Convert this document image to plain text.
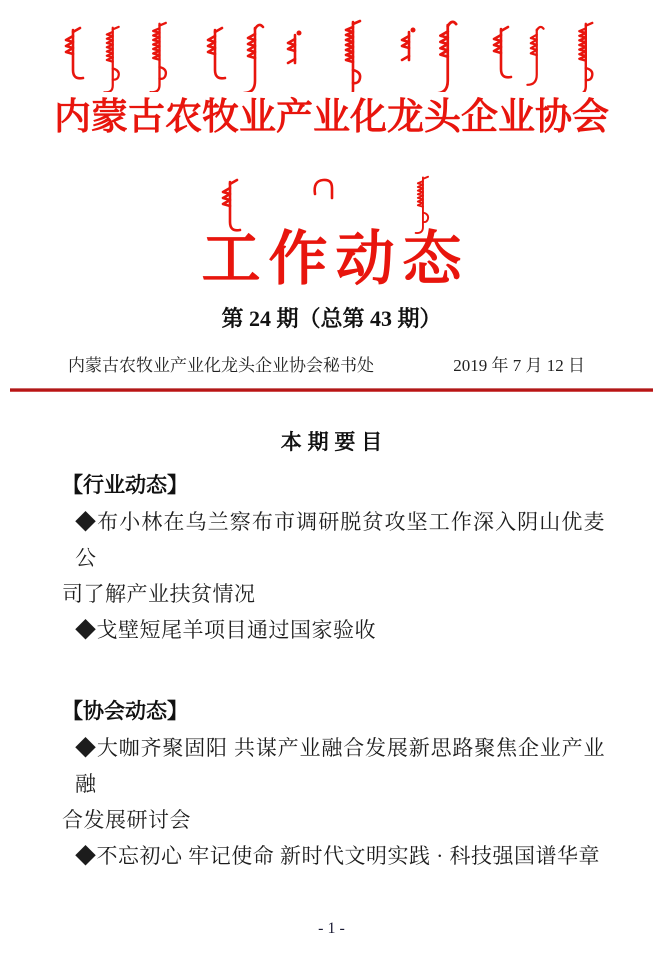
内蒙古农牧业产业化龙头企业协会
工作动态
第 24 期（总第 43 期）
内蒙古农牧业产业化龙头企业协会秘书处	2019 年 7 月 12 日
本 期 要 目
【行业动态】
◆布小林在乌兰察布市调研脱贫攻坚工作深入阴山优麦公
司了解产业扶贫情况
◆戈壁短尾羊项目通过国家验收
【协会动态】
◆大咖齐聚固阳 共谋产业融合发展新思路聚焦企业产业融
合发展研讨会
◆不忘初心 牢记使命 新时代文明实践 · 科技强国谱华章
- 1 -
